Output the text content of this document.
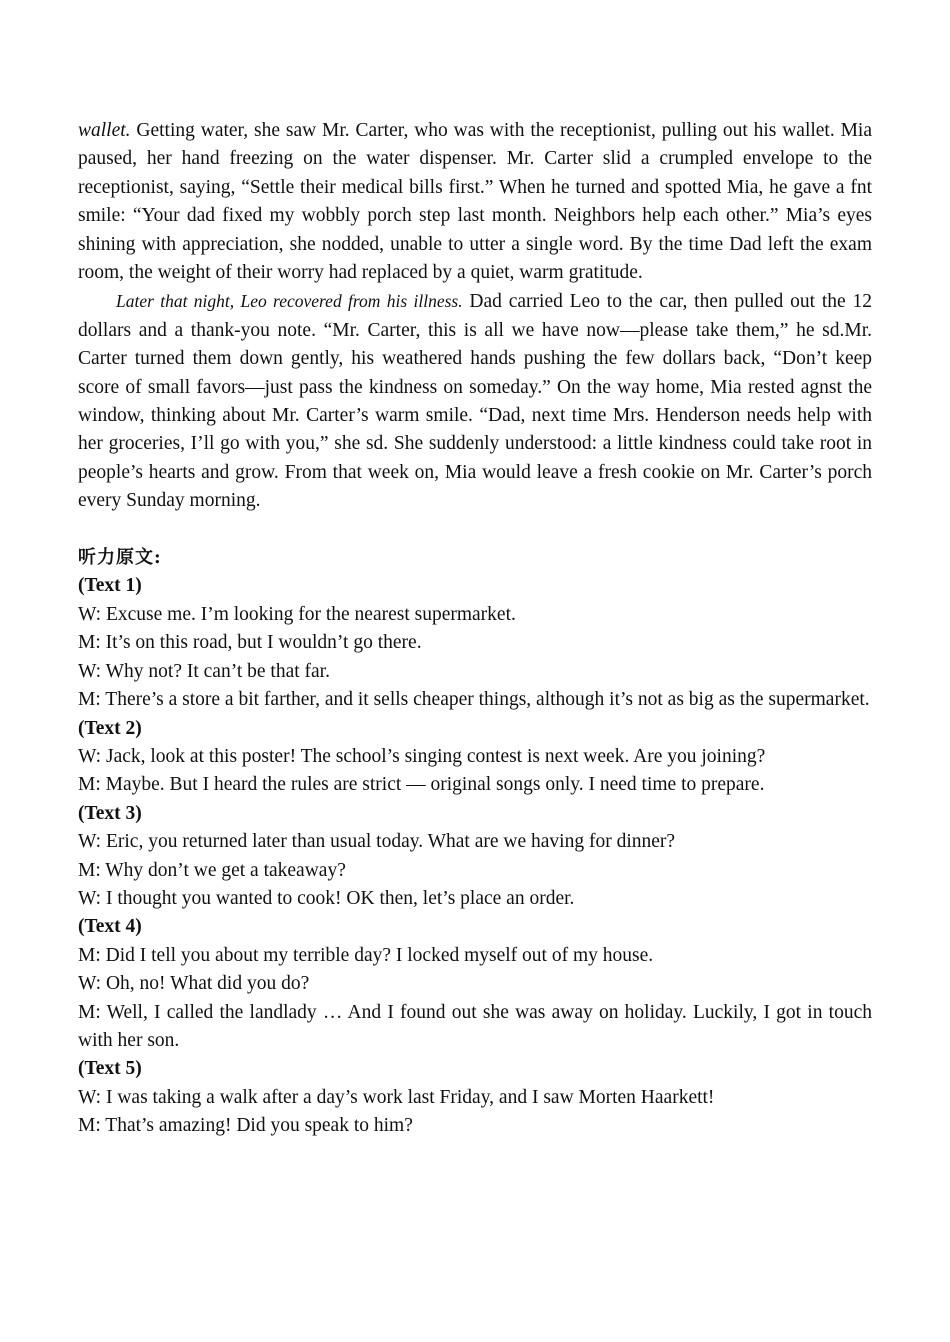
wallet. Getting water, she saw Mr. Carter, who was with the receptionist, pulling out his wallet. Mia paused, her hand freezing on the water dispenser. Mr. Carter slid a crumpled envelope to the receptionist, saying, “Settle their medical bills first.” When he turned and spotted Mia, he gave a fnt smile: “Your dad fixed my wobbly porch step last month. Neighbors help each other.” Mia’s eyes shining with appreciation, she nodded, unable to utter a single word. By the time Dad left the exam room, the weight of their worry had replaced by a quiet, warm gratitude.

Later that night, Leo recovered from his illness. Dad carried Leo to the car, then pulled out the 12 dollars and a thank-you note. “Mr. Carter, this is all we have now—please take them,” he sd.Mr. Carter turned them down gently, his weathered hands pushing the few dollars back, “Don’t keep score of small favors—just pass the kindness on someday.” On the way home, Mia rested agnst the window, thinking about Mr. Carter’s warm smile. “Dad, next time Mrs. Henderson needs help with her groceries, I’ll go with you,” she sd. She suddenly understood: a little kindness could take root in people’s hearts and grow. From that week on, Mia would leave a fresh cookie on Mr. Carter’s porch every Sunday morning.

听力原文:

(Text 1)

W: Excuse me. I’m looking for the nearest supermarket.

M: It’s on this road, but I wouldn’t go there.

W: Why not? It can’t be that far.

M: There’s a store a bit farther, and it sells cheaper things, although it’s not as big as the supermarket.

(Text 2)

W: Jack, look at this poster! The school’s singing contest is next week. Are you joining?

M: Maybe. But I heard the rules are strict — original songs only. I need time to prepare.

(Text 3)

W: Eric, you returned later than usual today. What are we having for dinner?

M: Why don’t we get a takeaway?

W: I thought you wanted to cook! OK then, let’s place an order.

(Text 4)

M: Did I tell you about my terrible day? I locked myself out of my house.

W: Oh, no! What did you do?

M: Well, I called the landlady … And I found out she was away on holiday. Luckily, I got in touch with her son.

(Text 5)

W: I was taking a walk after a day’s work last Friday, and I saw Morten Haarkett!

M: That’s amazing! Did you speak to him?
